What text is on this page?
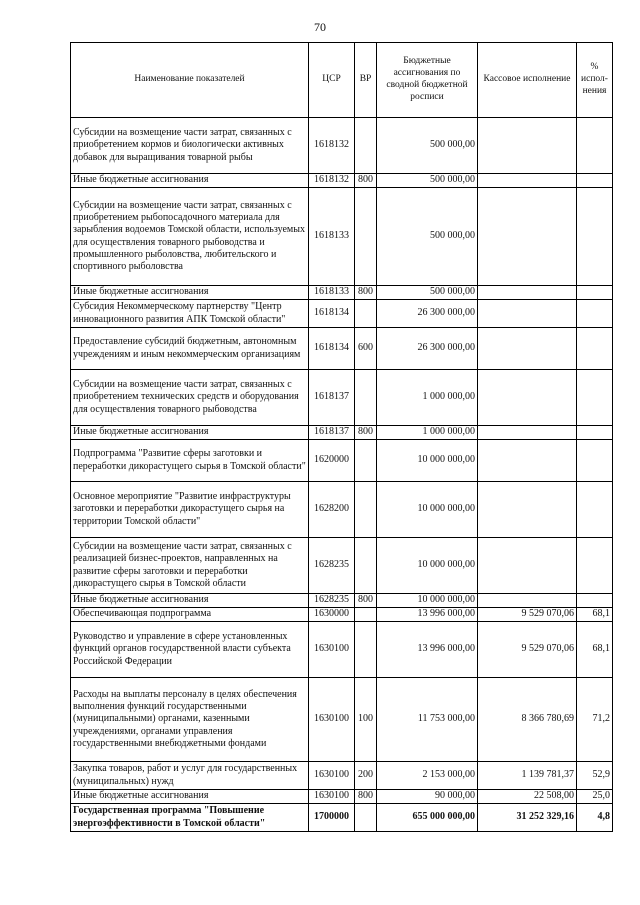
70
Наименование показателей	ЦСР	ВР	Бюджетные ассигнования по сводной бюджетной росписи	Кассовое исполнение	% испол- нения
Субсидии на возмещение части затрат, связанных с приобретением кормов и биологически активных добавок для выращивания товарной рыбы	1618132		500 000,00		
Иные бюджетные ассигнования	1618132	800	500 000,00		
Субсидии на возмещение части затрат, связанных с приобретением рыбопосадочного материала для зарыбления водоемов Томской области, используемых для осуществления товарного рыбоводства и промышленного рыболовства, любительского и спортивного рыболовства	1618133		500 000,00		
Иные бюджетные ассигнования	1618133	800	500 000,00		
Субсидия Некоммерческому партнерству "Центр инновационного развития АПК Томской области"	1618134		26 300 000,00		
Предоставление субсидий бюджетным, автономным учреждениям и иным некоммерческим организациям	1618134	600	26 300 000,00		
Субсидии на возмещение части затрат, связанных с приобретением технических средств и оборудования для осуществления товарного рыбоводства	1618137		1 000 000,00		
Иные бюджетные ассигнования	1618137	800	1 000 000,00		
Подпрограмма "Развитие сферы заготовки и переработки дикорастущего сырья в Томской области"	1620000		10 000 000,00		
Основное мероприятие "Развитие инфраструктуры заготовки и переработки дикорастущего сырья на территории Томской области"	1628200		10 000 000,00		
Субсидии на возмещение части затрат, связанных с реализацией бизнес-проектов, направленных на развитие сферы заготовки и переработки дикорастущего сырья в Томской области	1628235		10 000 000,00		
Иные бюджетные ассигнования	1628235	800	10 000 000,00		
Обеспечивающая подпрограмма	1630000		13 996 000,00	9 529 070,06	68,1
Руководство и управление в сфере установленных функций органов государственной власти субъекта Российской Федерации	1630100		13 996 000,00	9 529 070,06	68,1
Расходы на выплаты персоналу в целях обеспечения выполнения функций государственными (муниципальными) органами, казенными учреждениями, органами управления государственными внебюджетными фондами	1630100	100	11 753 000,00	8 366 780,69	71,2
Закупка товаров, работ и услуг для государственных (муниципальных) нужд	1630100	200	2 153 000,00	1 139 781,37	52,9
Иные бюджетные ассигнования	1630100	800	90 000,00	22 508,00	25,0
Государственная программа "Повышение энергоэффективности в Томской области"	1700000		655 000 000,00	31 252 329,16	4,8
